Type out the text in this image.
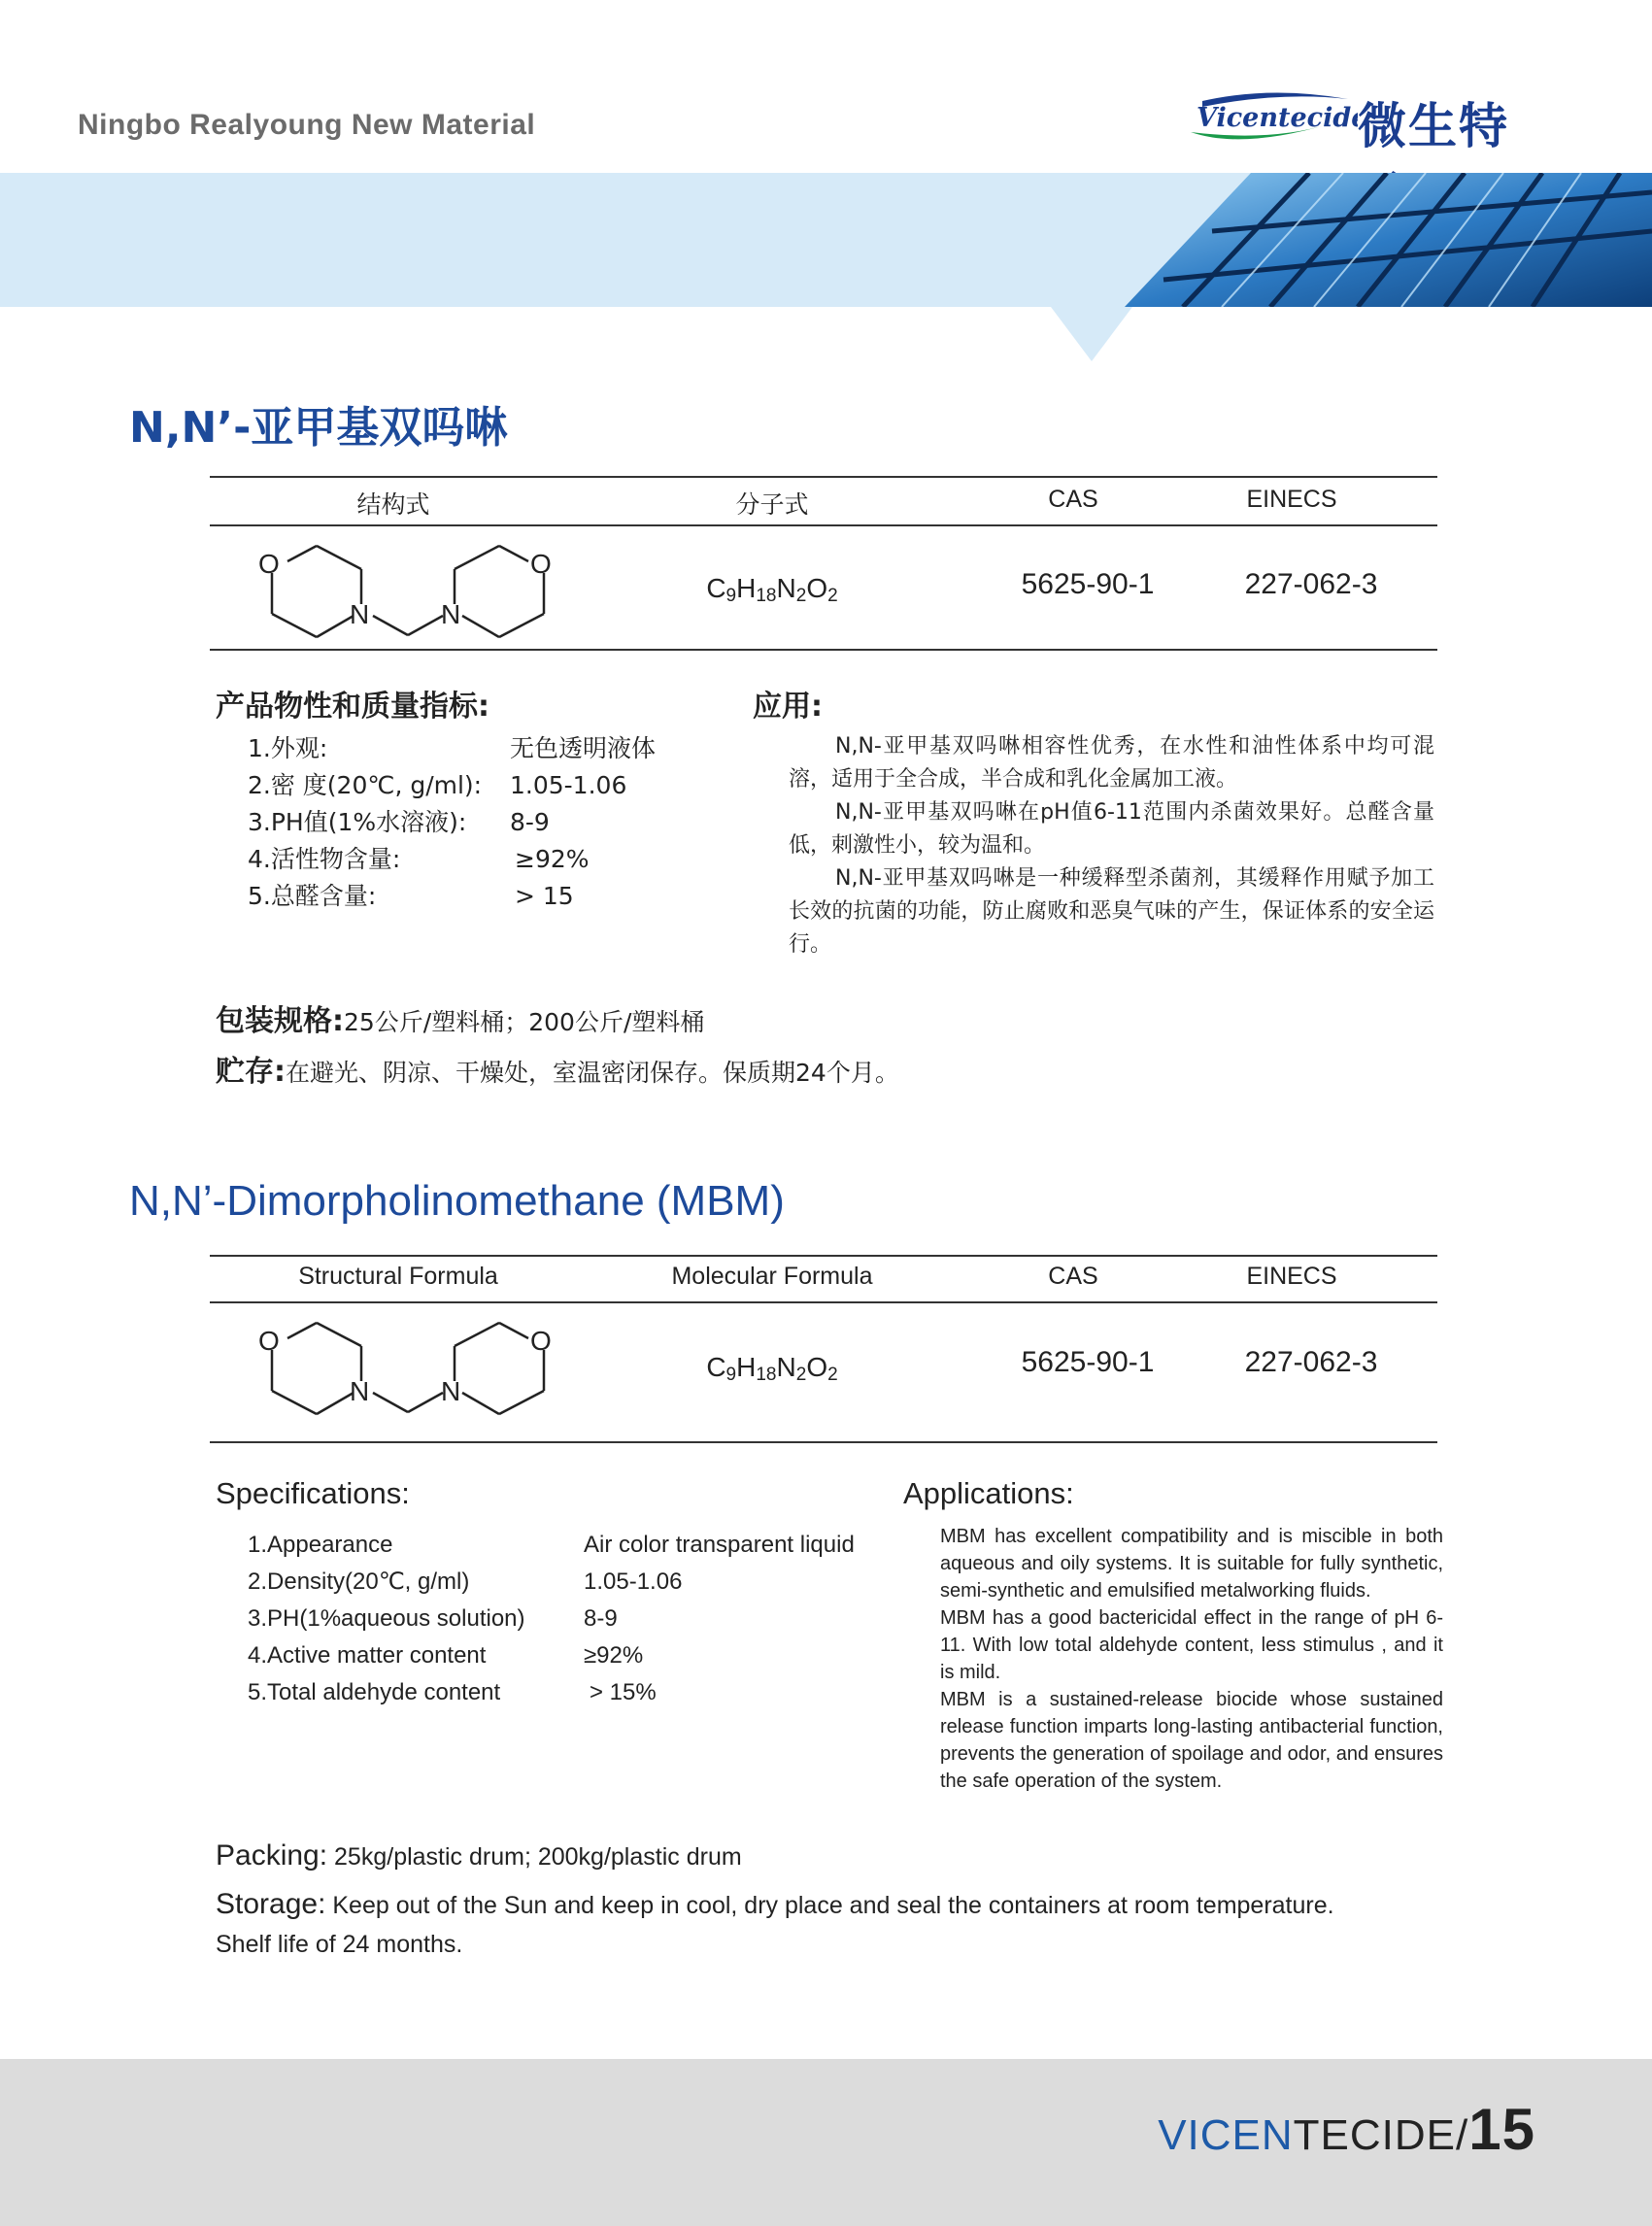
Ningbo Realyoung New Material	Vicentecide
微生特
N,N’-亚甲基双吗啉
结构式	分子式	CAS	EINECS
O
N	N
O
$C_9H_{18}N_2O_2$	5625-90-1	227-062-3
产品物性和质量指标:
1.外观:	无色透明液体
2.密 度(20℃, g/ml): 1.05-1.06
3.PH值(1%水溶液): 8-9
4.活性物含量:	≥92%
5.总醛含量:	> 15
应用:

N,N-亚甲基双吗啉相容性优秀，在水性和油性体系中均可混溶，适用于全合成，半合成和乳化金属加工液。

N,N-亚甲基双吗啉在pH值6-11范围内杀菌效果好。总醛含量低，刺激性小，较为温和。

N,N-亚甲基双吗啉是一种缓释型杀菌剂，其缓释作用赋予加工长效的抗菌的功能，防止腐败和恶臭气味的产生，保证体系的安全运行。

包装规格:25公斤/塑料桶；200公斤/塑料桶
贮存:在避光、阴凉、干燥处，室温密闭保存。保质期24个月。
N,N’-Dimorpholinomethane (MBM)
Structural Formula	Molecular Formula	CAS	EINECS
O
N	N
O
$C_9H_{18}N_2O_2$	5625-90-1	227-062-3
Specifications:
1.Appearance	Air color transparent liquid
2.Density(20℃, g/ml)	1.05-1.06
3.PH(1%aqueous solution)	8-9
4.Active matter content	≥92%
5.Total aldehyde content	> 15%
Applications:

MBM has excellent compatibility and is miscible in both aqueous and oily systems. It is suitable for fully synthetic, semi-synthetic and emulsified metalworking fluids.

MBM has a good bactericidal effect in the range of pH 6-11. With low total aldehyde content, less stimulus , and it is mild.

MBM is a sustained-release biocide whose sustained release function imparts long-lasting antibacterial function, prevents the generation of spoilage and odor, and ensures the safe operation of the system.

Packing: 25kg/plastic drum; 200kg/plastic drum
Storage: Keep out of the Sun and keep in cool, dry place and seal the containers at room temperature.
Shelf life of 24 months.
VICENTECIDE/15
